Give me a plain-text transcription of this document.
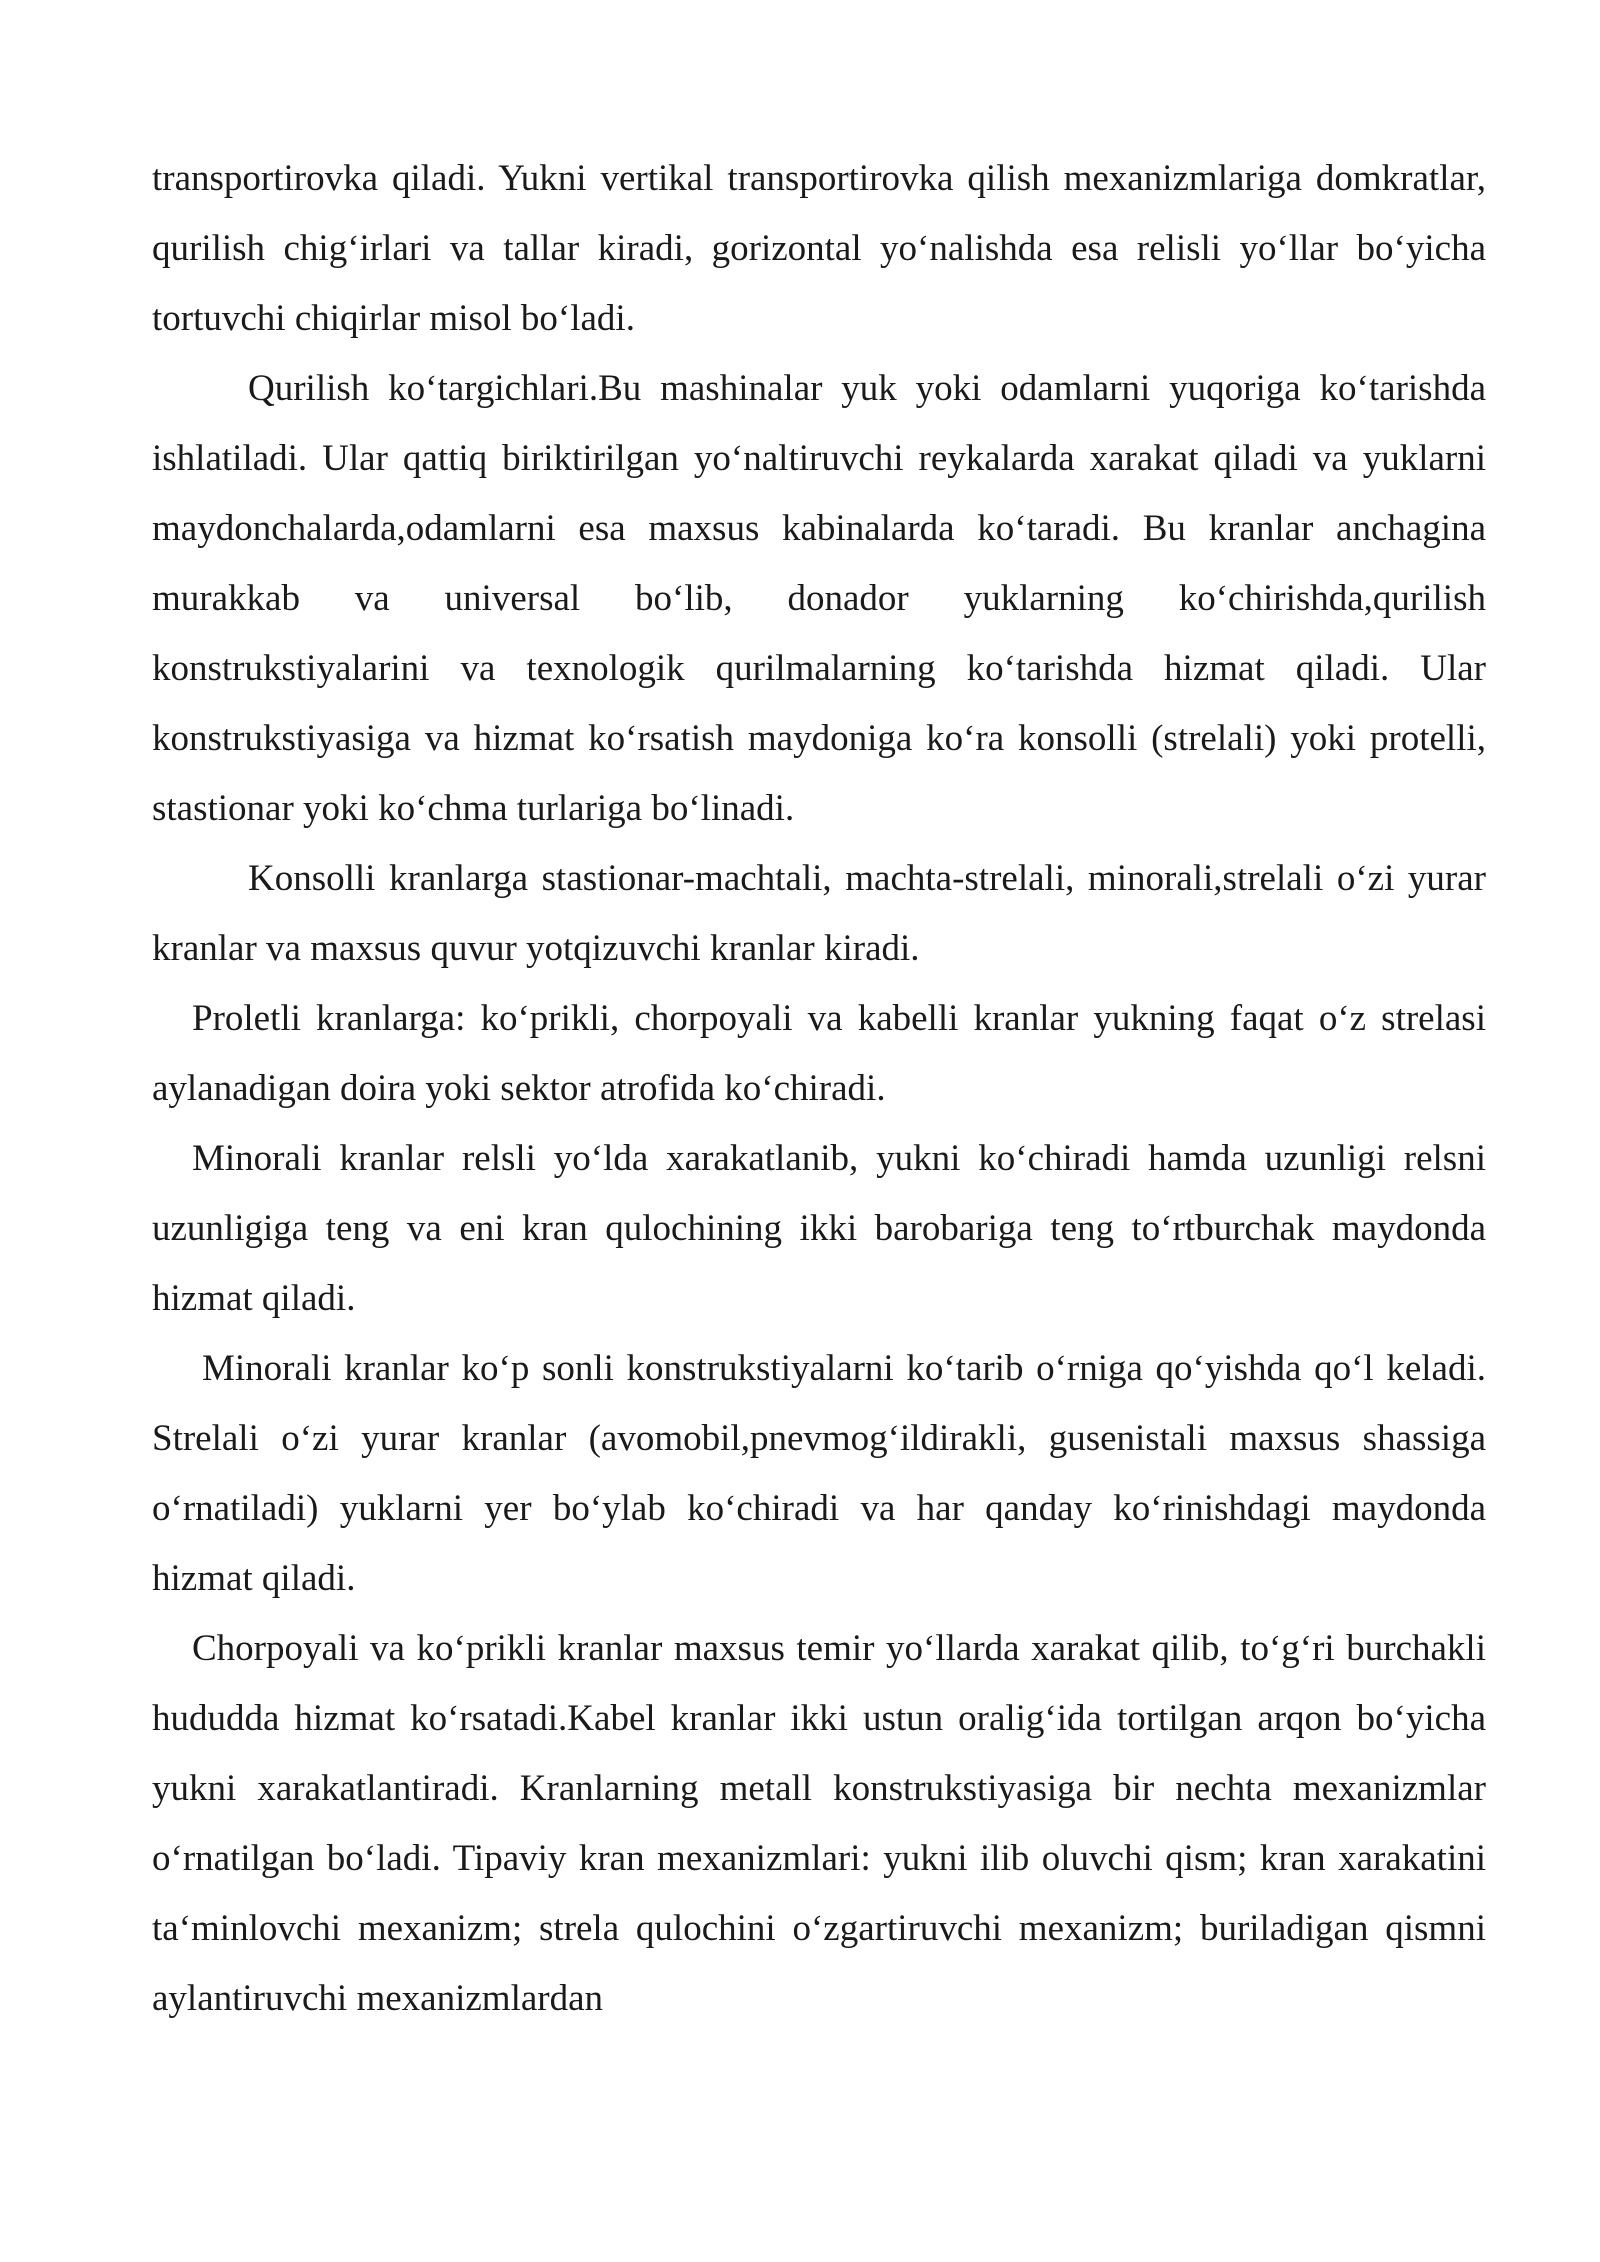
transportirovka qiladi. Yukni vertikal transportirovka qilish mexanizmlariga domkratlar, qurilish chig‘irlari va tallar kiradi, gorizontal yo‘nalishda esa relisli yo‘llar bo‘yicha tortuvchi chiqirlar misol bo‘ladi.

Qurilish ko‘targichlari.Bu mashinalar yuk yoki odamlarni yuqoriga ko‘tarishda ishlatiladi. Ular qattiq biriktirilgan yo‘naltiruvchi reykalarda xarakat qiladi va yuklarni maydonchalarda,odamlarni esa maxsus kabinalarda ko‘taradi. Bu kranlar anchagina murakkab va universal bo‘lib, donador yuklarning ko‘chirishda,qurilish konstrukstiyalarini va texnologik qurilmalarning ko‘tarishda hizmat qiladi. Ular konstrukstiyasiga va hizmat ko‘rsatish maydoniga ko‘ra konsolli (strelali) yoki protelli, stastionar yoki ko‘chma turlariga bo‘linadi.

Konsolli kranlarga stastionar-machtali, machta-strelali, minorali,strelali o‘zi yurar kranlar va maxsus quvur yotqizuvchi kranlar kiradi.

Proletli kranlarga: ko‘prikli, chorpoyali va kabelli kranlar yukning faqat o‘z strelasi aylanadigan doira yoki sektor atrofida ko‘chiradi.

Minorali kranlar relsli yo‘lda xarakatlanib, yukni ko‘chiradi hamda uzunligi relsni uzunligiga teng va eni kran qulochining ikki barobariga teng to‘rtburchak maydonda hizmat qiladi.

Minorali kranlar ko‘p sonli konstrukstiyalarni ko‘tarib o‘rniga qo‘yishda qo‘l keladi. Strelali o‘zi yurar kranlar (avomobil,pnevmog‘ildirakli, gusenistali maxsus shassiga o‘rnatiladi) yuklarni yer bo‘ylab ko‘chiradi va har qanday ko‘rinishdagi maydonda hizmat qiladi.

Chorpoyali va ko‘prikli kranlar maxsus temir yo‘llarda xarakat qilib, to‘g‘ri burchakli hududda hizmat ko‘rsatadi.Kabel kranlar ikki ustun oralig‘ida tortilgan arqon bo‘yicha yukni xarakatlantiradi. Kranlarning metall konstrukstiyasiga bir nechta mexanizmlar o‘rnatilgan bo‘ladi. Tipaviy kran mexanizmlari: yukni ilib oluvchi qism; kran xarakatini ta‘minlovchi mexanizm; strela qulochini o‘zgartiruvchi mexanizm; buriladigan qismni aylantiruvchi mexanizmlardan
